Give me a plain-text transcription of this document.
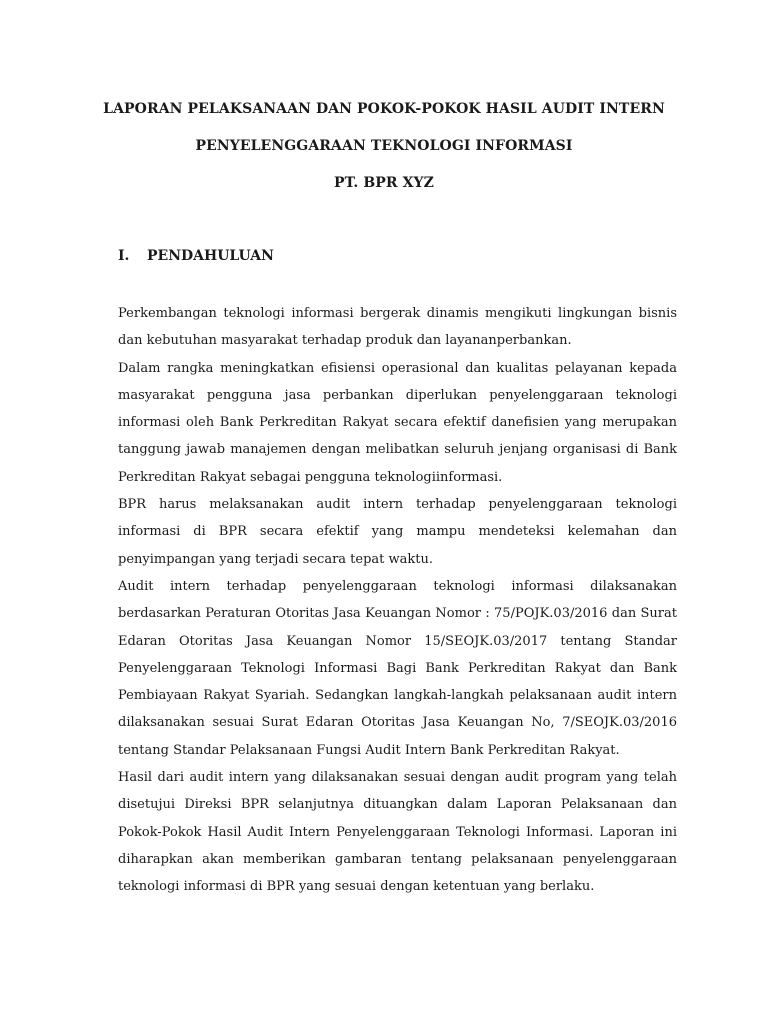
LAPORAN PELAKSANAAN DAN POKOK-POKOK HASIL AUDIT INTERN
PENYELENGGARAAN TEKNOLOGI INFORMASI
PT. BPR XYZ
I. PENDAHULUAN

Perkembangan teknologi informasi bergerak dinamis mengikuti lingkungan bisnis dan kebutuhan masyarakat terhadap produk dan layananperbankan.

Dalam rangka meningkatkan efisiensi operasional dan kualitas pelayanan kepada masyarakat pengguna jasa perbankan diperlukan penyelenggaraan teknologi informasi oleh Bank Perkreditan Rakyat secara efektif danefisien yang merupakan tanggung jawab manajemen dengan melibatkan seluruh jenjang organisasi di Bank Perkreditan Rakyat sebagai pengguna teknologiinformasi.

BPR harus melaksanakan audit intern terhadap penyelenggaraan teknologi informasi di BPR secara efektif yang mampu mendeteksi kelemahan dan penyimpangan yang terjadi secara tepat waktu.

Audit intern terhadap penyelenggaraan teknologi informasi dilaksanakan berdasarkan Peraturan Otoritas Jasa Keuangan Nomor : 75/POJK.03/2016 dan Surat Edaran Otoritas Jasa Keuangan Nomor 15/SEOJK.03/2017 tentang Standar Penyelenggaraan Teknologi Informasi Bagi Bank Perkreditan Rakyat dan Bank Pembiayaan Rakyat Syariah. Sedangkan langkah-langkah pelaksanaan audit intern dilaksanakan sesuai Surat Edaran Otoritas Jasa Keuangan No, 7/SEOJK.03/2016 tentang Standar Pelaksanaan Fungsi Audit Intern Bank Perkreditan Rakyat.

Hasil dari audit intern yang dilaksanakan sesuai dengan audit program yang telah disetujui Direksi BPR selanjutnya dituangkan dalam Laporan Pelaksanaan dan Pokok-Pokok Hasil Audit Intern Penyelenggaraan Teknologi Informasi. Laporan ini diharapkan akan memberikan gambaran tentang pelaksanaan penyelenggaraan teknologi informasi di BPR yang sesuai dengan ketentuan yang berlaku.
